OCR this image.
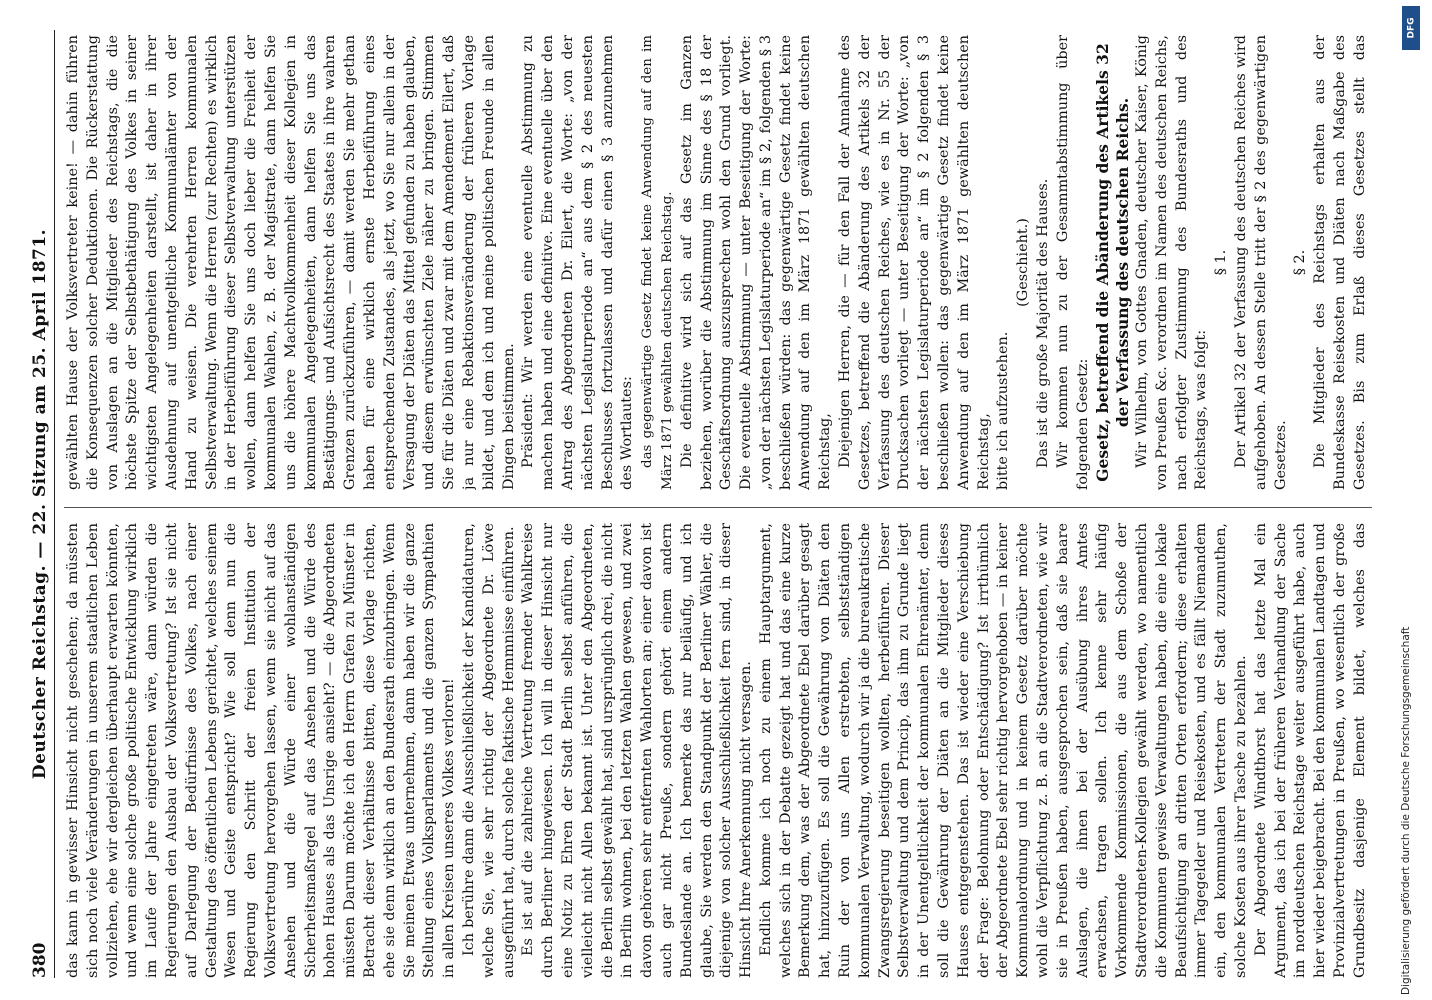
380
Deutscher Reichstag. — 22. Sitzung am 25. April 1871. das kann in gewisser Hinsicht nicht geschehen; da müssten sich noch viele Veränderungen in unserem staatlichen Leben vollziehen, ehe wir dergleichen überhaupt erwarten könnten, und wenn eine solche große politische Entwicklung wirklich im Laufe der Jahre eingetreten wäre, dann würden die Regierungen den Ausbau der Volksvertretung? Ist sie nicht auf Darlegung der Bedürfnisse des Volkes, nach einer Gestaltung des öffentlichen Lebens gerichtet, welches seinem Wesen und Geiste entspricht? Wie soll denn nun die Regierung den Schritt der freien Institution der Volksvertretung hervorgehen lassen, wenn sie nicht auf das Ansehen und die Würde einer wohlanständigen Sicherheitsmaßregel auf das Ansehen und die Würde des hohen Hauses als das Unsrige ansieht? — die Abgeordneten müssten Darum möchte ich den Herrn Grafen zu Münster in Betracht dieser Verhältnisse bitten, diese Vorlage richten, ehe sie denn wirklich an den Bundesrath einzubringen. Wenn Sie meinen Etwas unternehmen, dann haben wir die ganze Stellung eines Volksparlaments und die ganzen Sympathien in allen Kreisen unseres Volkes verloren! Ich berühre dann die Ausschließlichkeit der Kandidaturen, welche Sie, wie sehr richtig der Abgeordnete Dr. Löwe ausgeführt hat, durch solche faktische Hemmnisse einführen. Es ist auf die zahlreiche Vertretung fremder Wahlkreise durch Berliner hingewiesen. Ich will in dieser Hinsicht nur eine Notiz zu Ehren der Stadt Berlin selbst anführen, die vielleicht nicht Allen bekannt ist. Unter den Abgeordneten, die Berlin selbst gewählt hat, sind ursprünglich drei, die nicht in Berlin wohnen, bei den letzten Wahlen gewesen, und zwei davon gehören sehr entfernten Wahlorten an; einer davon ist auch gar nicht Preuße, sondern gehört einem andern Bundeslande an. Ich bemerke das nur beiläufig, und ich glaube, Sie werden den Standpunkt der Berliner Wähler, die diejenige von solcher Ausschließlichkeit fern sind, in dieser Hinsicht Ihre Anerkennung nicht versagen. Endlich komme ich noch zu einem Hauptargument, welches sich in der Debatte gezeigt hat und das eine kurze Bemerkung dem, was der Abgeordnete Ebel darüber gesagt hat, hinzuzufügen. Es soll die Gewährung von Diäten den Ruin der von uns Allen erstrebten, selbstständigen kommunalen Verwaltung, wodurch wir ja die bureaukratische Zwangsregierung beseitigen wollten, herbeiführen. Dieser Selbstverwaltung und dem Princip, das ihm zu Grunde liegt in der Unentgeltlichkeit der kommunalen Ehrenämter, denn soll die Gewährung der Diäten an die Mitglieder dieses Hauses entgegenstehen. Das ist wieder eine Verschiebung der Frage: Belohnung oder Entschädigung? Ist irrthümlich der Abgeordnete Ebel sehr richtig hervorgehoben — in keiner Kommunalordnung und in keinem Gesetz darüber möchte wohl die Verpflichtung z. B. an die Stadtverordneten, wie wir sie in Preußen haben, ausgesprochen sein, daß sie baare Auslagen, die ihnen bei der Ausübung ihres Amtes erwachsen, tragen sollen. Ich kenne sehr häufig Vorkommende Kommissionen, die aus dem Schoße der Stadtverordneten-Kollegien gewählt werden, wo namentlich die Kommunen gewisse Verwaltungen haben, die eine lokale Beaufsichtigung an dritten Orten erfordern; diese erhalten immer Tagegelder und Reisekosten, und es fällt Niemandem ein, den kommunalen Vertretern der Stadt zuzumuthen, solche Kosten aus ihrer Tasche zu bezahlen. Der Abgeordnete Windthorst hat das letzte Mal ein Argument, das ich bei der früheren Verhandlung der Sache im norddeutschen Reichstage weiter ausgeführt habe, auch hier wieder beigebracht. Bei den kommunalen Landtagen und Provinzialvertretungen in Preußen, wo wesentlich der große Grundbesitz dasjenige Element bildet, welches das

gewählten Hause der Volksvertreter keine! — dahin führen die Konsequenzen solcher Deduktionen. Die Rückerstattung von Auslagen an die Mitglieder des Reichstags, die die höchste Spitze der Selbstbethätigung des Volkes in seiner wichtigsten Angelegenheiten darstellt, ist daher in ihrer Ausdehnung auf unentgeltliche Kommunalämter von der Hand zu weisen. Die verehrten Herren kommunalen Selbstverwaltung. Wenn die Herren (zur Rechten) es wirklich in der Herbeiführung dieser Selbstverwaltung unterstützen wollen, dann helfen Sie uns doch lieber die Freiheit der kommunalen Wahlen, z. B. der Magistrate, dann helfen Sie uns die höhere Machtvollkommenheit dieser Kollegien in kommunalen Angelegenheiten, dann helfen Sie uns das Bestätigungs- und Aufsichtsrecht des Staates in ihre wahren Grenzen zurückzuführen, — damit werden Sie mehr gethan haben für eine wirklich ernste Herbeiführung eines entsprechenden Zustandes, als jetzt, wo Sie nur allein in der Versagung der Diäten das Mittel gefunden zu haben glauben, und diesem erwünschten Ziele näher zu bringen. Stimmen Sie für die Diäten und zwar mit dem Amendement Eilert, daß ja nur eine Rebaktionsveränderung der früheren Vorlage bildet, und dem ich und meine politischen Freunde in allen Dingen beistimmen. Präsident: Wir werden eine eventuelle Abstimmung zu machen haben und eine definitive. Eine eventuelle über den Antrag des Abgeordneten Dr. Eilert, die Worte: „von der nächsten Legislaturperiode an“ aus dem § 2 des neuesten Beschlusses fortzulassen und dafür einen § 3 anzunehmen des Wortlautes: das gegenwärtige Gesetz findet keine Anwendung auf den im März 1871 gewählten deutschen Reichstag. Die definitive wird sich auf das Gesetz im Ganzen beziehen, worüber die Abstimmung im Sinne des § 18 der Geschäftsordnung auszusprechen wohl den Grund vorliegt. Die eventuelle Abstimmung — unter Beseitigung der Worte: „von der nächsten Legislaturperiode an“ im § 2, folgenden § 3 beschließen würden: das gegenwärtige Gesetz findet keine Anwendung auf den im März 1871 gewählten deutschen Reichstag, Diejenigen Herren, die — für den Fall der Annahme des Gesetzes, betreffend die Abänderung des Artikels 32 der Verfassung des deutschen Reiches, wie es in Nr. 55 der Drucksachen vorliegt — unter Beseitigung der Worte: „von der nächsten Legislaturperiode an“ im § 2 folgenden § 3 beschließen wollen: das gegenwärtige Gesetz findet keine Anwendung auf den im März 1871 gewählten deutschen Reichstag, bitte ich aufzustehen.

(Geschieht.) Das ist die große Majorität des Hauses. Wir kommen nun zu der Gesammtabstimmung über folgenden Gesetz: Gesetz, betreffend die Abänderung des Artikels 32 der Verfassung des deutschen Reichs. Wir Wilhelm, von Gottes Gnaden, deutscher Kaiser, König von Preußen &c. verordnen im Namen des deutschen Reichs, nach erfolgter Zustimmung des Bundesraths und des Reichstags, was folgt:

§ 1. Der Artikel 32 der Verfassung des deutschen Reiches wird aufgehoben. An dessen Stelle tritt der § 2 des gegenwärtigen Gesetzes.

§ 2.

Die Mitglieder des Reichstags erhalten aus der Bundeskasse Reisekosten und Diäten nach Maßgabe des Gesetzes. Bis zum Erlaß dieses Gesetzes stellt das

DFG
Digitalisierung gefördert durch die Deutsche Forschungsgemeinschaft
